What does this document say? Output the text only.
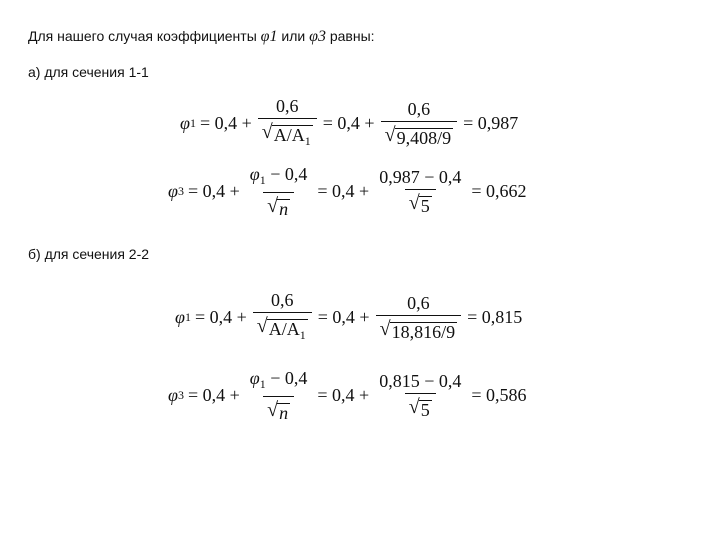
Для нашего случая коэффициенты φ1 или φ3 равны:
а) для сечения 1-1
φ $1 = 0,4 + \frac{0,6}{√ A/A_1} = 0,4 + \frac{0,6}{√ 9,408/9} = 0,987$
φ $3 = 0,4 + \frac{\varphi_1 - 0,4}{√ n} = 0,4 + \frac{0,987 - 0,4}{√ 5} = 0,662$
б) для сечения 2-2
φ $1 = 0,4 + \frac{0,6}{√ A/A_1} = 0,4 + \frac{0,6}{√ 18,816/9} = 0,815$
φ $3 = 0,4 + \frac{\varphi_1 - 0,4}{√ n} = 0,4 + \frac{0,815 - 0,4}{√ 5} = 0,586$
